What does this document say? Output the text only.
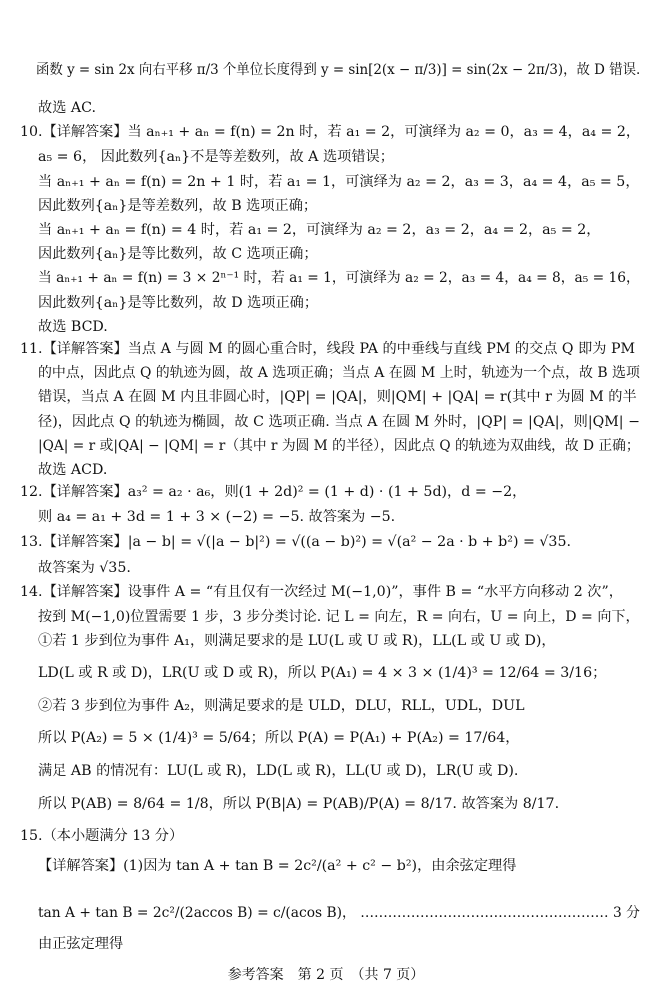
函数 y = sin 2x 向右平移 π/3 个单位长度得到 y = sin[2(x − π/3)] = sin(2x − 2π/3)，故 D 错误.
故选 AC.
10.【详解答案】当 aₙ₊₁ + aₙ = f(n) = 2n 时，若 a₁ = 2，可演绎为 a₂ = 0，a₃ = 4，a₄ = 2，
a₅ = 6， 因此数列{aₙ}不是等差数列，故 A 选项错误；
当 aₙ₊₁ + aₙ = f(n) = 2n + 1 时，若 a₁ = 1，可演绎为 a₂ = 2，a₃ = 3，a₄ = 4，a₅ = 5，
因此数列{aₙ}是等差数列，故 B 选项正确；
当 aₙ₊₁ + aₙ = f(n) = 4 时，若 a₁ = 2，可演绎为 a₂ = 2，a₃ = 2，a₄ = 2，a₅ = 2，
因此数列{aₙ}是等比数列，故 C 选项正确；
当 aₙ₊₁ + aₙ = f(n) = 3 × 2ⁿ⁻¹ 时，若 a₁ = 1，可演绎为 a₂ = 2，a₃ = 4，a₄ = 8，a₅ = 16，
因此数列{aₙ}是等比数列，故 D 选项正确；
故选 BCD.
11.【详解答案】当点 A 与圆 M 的圆心重合时，线段 PA 的中垂线与直线 PM 的交点 Q 即为 PM
的中点，因此点 Q 的轨迹为圆，故 A 选项正确；当点 A 在圆 M 上时，轨迹为一个点，故 B 选项
错误，当点 A 在圆 M 内且非圆心时，|QP| = |QA|，则|QM| + |QA| = r(其中 r 为圆 M 的半
径)，因此点 Q 的轨迹为椭圆，故 C 选项正确. 当点 A 在圆 M 外时，|QP| = |QA|，则|QM| −
|QA| = r 或|QA| − |QM| = r（其中 r 为圆 M 的半径），因此点 Q 的轨迹为双曲线，故 D 正确；
故选 ACD.
12.【详解答案】a₃² = a₂ · a₆，则(1 + 2d)² = (1 + d) · (1 + 5d)，d = −2，
则 a₄ = a₁ + 3d = 1 + 3 × (−2) = −5. 故答案为 −5.
13.【详解答案】|a − b| = √(|a − b|²) = √((a − b)²) = √(a² − 2a · b + b²) = √35.
故答案为 √35.
14.【详解答案】设事件 A = “有且仅有一次经过 M(−1,0)”，事件 B = “水平方向移动 2 次”，
按到 M(−1,0)位置需要 1 步，3 步分类讨论. 记 L = 向左，R = 向右，U = 向上，D = 向下，
①若 1 步到位为事件 A₁，则满足要求的是 LU(L 或 U 或 R)，LL(L 或 U 或 D)，
LD(L 或 R 或 D)，LR(U 或 D 或 R)，所以 P(A₁) = 4 × 3 × (1/4)³ = 12/64 = 3/16；
②若 3 步到位为事件 A₂，则满足要求的是 ULD，DLU，RLL，UDL，DUL
所以 P(A₂) = 5 × (1/4)³ = 5/64；所以 P(A) = P(A₁) + P(A₂) = 17/64，
满足 AB 的情况有：LU(L 或 R)，LD(L 或 R)，LL(U 或 D)，LR(U 或 D).
所以 P(AB) = 8/64 = 1/8，所以 P(B|A) = P(AB)/P(A) = 8/17. 故答案为 8/17.
15.（本小题满分 13 分）
【详解答案】(1)因为 tan A + tan B = 2c²/(a² + c² − b²)，由余弦定理得
tan A + tan B = 2c²/(2accos B) = c/(acos B)， ……………………………………………… 3 分
由正弦定理得
参考答案　第 2 页　（共 7 页）
